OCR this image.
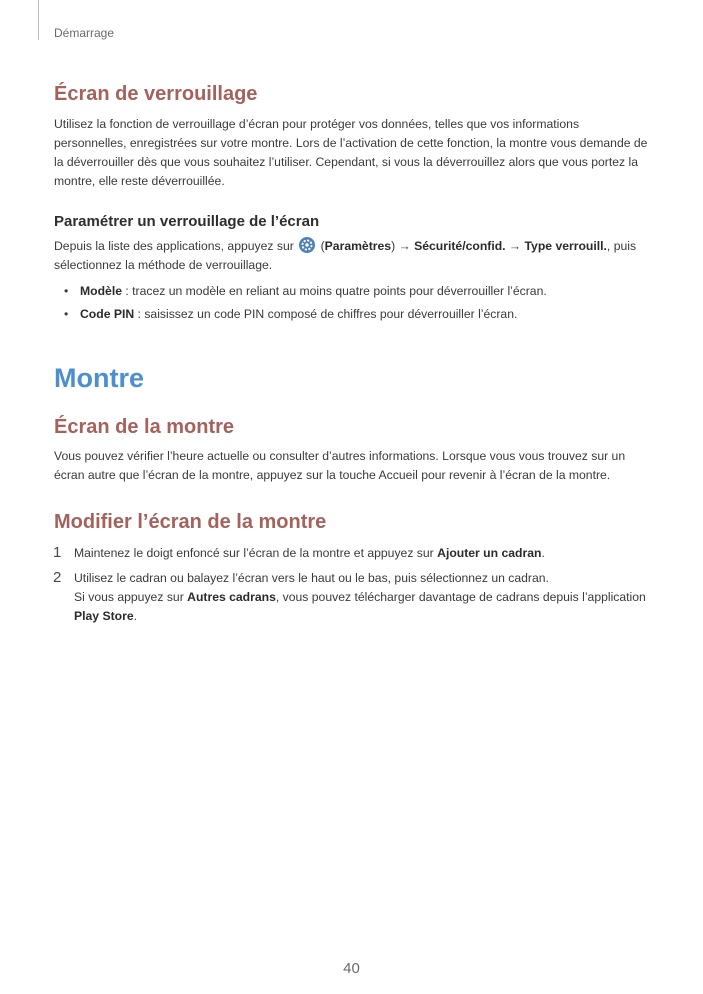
Démarrage
Écran de verrouillage

Utilisez la fonction de verrouillage d’écran pour protéger vos données, telles que vos informations personnelles, enregistrées sur votre montre. Lors de l’activation de cette fonction, la montre vous demande de la déverrouiller dès que vous souhaitez l’utiliser. Cependant, si vous la déverrouillez alors que vous portez la montre, elle reste déverrouillée.

Paramétrer un verrouillage de l’écran

Depuis la liste des applications, appuyez sur  (Paramètres) → Sécurité/confid. → Type verrouill., puis sélectionnez la méthode de verrouillage.

• Modèle : tracez un modèle en reliant au moins quatre points pour déverrouiller l’écran.
• Code PIN : saisissez un code PIN composé de chiffres pour déverrouiller l’écran.
Montre
Écran de la montre

Vous pouvez vérifier l’heure actuelle ou consulter d’autres informations. Lorsque vous vous trouvez sur un écran autre que l’écran de la montre, appuyez sur la touche Accueil pour revenir à l’écran de la montre.

Modifier l’écran de la montre
1 Maintenez le doigt enfoncé sur l’écran de la montre et appuyez sur Ajouter un cadran.
2 Utilisez le cadran ou balayez l’écran vers le haut ou le bas, puis sélectionnez un cadran.
Si vous appuyez sur Autres cadrans, vous pouvez télécharger davantage de cadrans depuis l’application Play Store.
40
